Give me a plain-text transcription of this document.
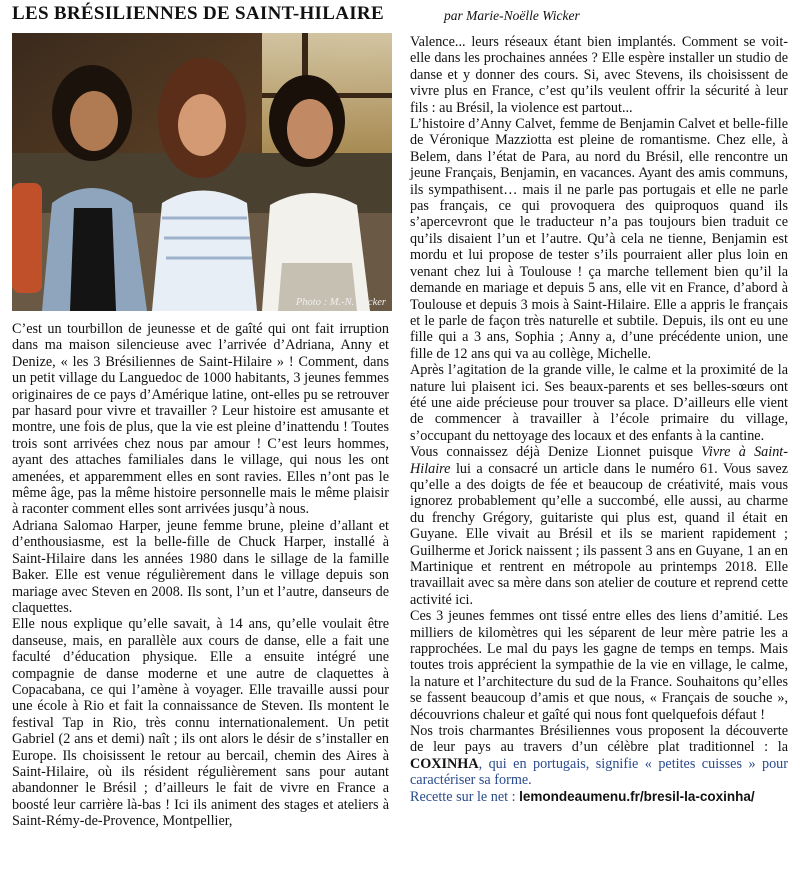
LES BRÉSILIENNES DE SAINT-HILAIRE	par Marie-Noëlle Wicker
Photo : M.-N. Wicker

C’est un tourbillon de jeunesse et de gaîté qui ont fait irruption dans ma maison silencieuse avec l’arrivée d’Adriana, Anny et Denize, « les 3 Brésiliennes de Saint-Hilaire » ! Comment, dans un petit village du Languedoc de 1000 habitants, 3 jeunes femmes originaires de ce pays d’Amérique latine, ont-elles pu se retrouver par hasard pour vivre et travailler ? Leur histoire est amusante et montre, une fois de plus, que la vie est pleine d’inattendu ! Toutes trois sont arrivées chez nous par amour ! C’est leurs hommes, ayant des attaches familiales dans le village, qui nous les ont amenées, et apparemment elles en sont ravies. Elles n’ont pas le même âge, pas la même histoire personnelle mais le même plaisir à raconter comment elles sont arrivées jusqu’à nous.

Adriana Salomao Harper, jeune femme brune, pleine d’allant et d’enthousiasme, est la belle-fille de Chuck Harper, installé à Saint-Hilaire dans les années 1980 dans le sillage de la famille Baker. Elle est venue régulièrement dans le village depuis son mariage avec Steven en 2008. Ils sont, l’un et l’autre, danseurs de claquettes.

Elle nous explique qu’elle savait, à 14 ans, qu’elle voulait être danseuse, mais, en parallèle aux cours de danse, elle a fait une faculté d’éducation physique. Elle a ensuite intégré une compagnie de danse moderne et une autre de claquettes à Copacabana, ce qui l’amène à voyager. Elle travaille aussi pour une école à Rio et fait la connaissance de Steven. Ils montent le festival Tap in Rio, très connu internationalement. Un petit Gabriel (2 ans et demi) naît ; ils ont alors le désir de s’installer en Europe. Ils choisissent le retour au bercail, chemin des Aires à Saint-Hilaire, où ils résident régulièrement sans pour autant abandonner le Brésil ; d’ailleurs le fait de vivre en France a boosté leur carrière là-bas ! Ici ils animent des stages et ateliers à Saint-Rémy-de-Provence, Montpellier,

Valence... leurs réseaux étant bien implantés. Comment se voit-elle dans les prochaines années ? Elle espère installer un studio de danse et y donner des cours. Si, avec Stevens, ils choisissent de vivre plus en France, c’est qu’ils veulent offrir la sécurité à leur fils : au Brésil, la violence est partout...

L’histoire d’Anny Calvet, femme de Benjamin Calvet et belle-fille de Véronique Mazziotta est pleine de romantisme. Chez elle, à Belem, dans l’état de Para, au nord du Brésil, elle rencontre un jeune Français, Benjamin, en vacances. Ayant des amis communs, ils sympathisent… mais il ne parle pas portugais et elle ne parle pas français, ce qui provoquera des quiproquos quand ils s’apercevront que le traducteur n’a pas toujours bien traduit ce qu’ils disaient l’un et l’autre. Qu’à cela ne tienne, Benjamin est mordu et lui propose de tester s’ils pourraient aller plus loin en venant chez lui à Toulouse ! ça marche tellement bien qu’il la demande en mariage et depuis 5 ans, elle vit en France, d’abord à Toulouse et depuis 3 mois à Saint-Hilaire. Elle a appris le français et le parle de façon très naturelle et subtile. Depuis, ils ont eu une fille qui a 3 ans, Sophia ; Anny a, d’une précédente union, une fille de 12 ans qui va au collège, Michelle.

Après l’agitation de la grande ville, le calme et la proximité de la nature lui plaisent ici. Ses beaux-parents et ses belles-sœurs ont été une aide précieuse pour trouver sa place. D’ailleurs elle vient de commencer à travailler à l’école primaire du village, s’occupant du nettoyage des locaux et des enfants à la cantine.

Vous connaissez déjà Denize Lionnet puisque Vivre à Saint-Hilaire lui a consacré un article dans le numéro 61. Vous savez qu’elle a des doigts de fée et beaucoup de créativité, mais vous ignorez probablement qu’elle a succombé, elle aussi, au charme du frenchy Grégory, guitariste qui plus est, quand il était en Guyane. Elle vivait au Brésil et ils se marient rapidement ; Guilherme et Jorick naissent ; ils passent 3 ans en Guyane, 1 an en Martinique et rentrent en métropole au printemps 2018. Elle travaillait avec sa mère dans son atelier de couture et reprend cette activité ici.

Ces 3 jeunes femmes ont tissé entre elles des liens d’amitié. Les milliers de kilomètres qui les séparent de leur mère patrie les a rapprochées. Le mal du pays les gagne de temps en temps. Mais toutes trois apprécient la sympathie de la vie en village, le calme, la nature et l’architecture du sud de la France. Souhaitons qu’elles se fassent beaucoup d’amis et que nous, « Français de souche », découvrions chaleur et gaîté qui nous font quelquefois défaut !

Nos trois charmantes Brésiliennes vous proposent la découverte de leur pays au travers d’un célèbre plat traditionnel : la COXINHA, qui en portugais, signifie « petites cuisses » pour caractériser sa forme.

Recette sur le net : lemondeaumenu.fr/bresil-la-coxinha/
